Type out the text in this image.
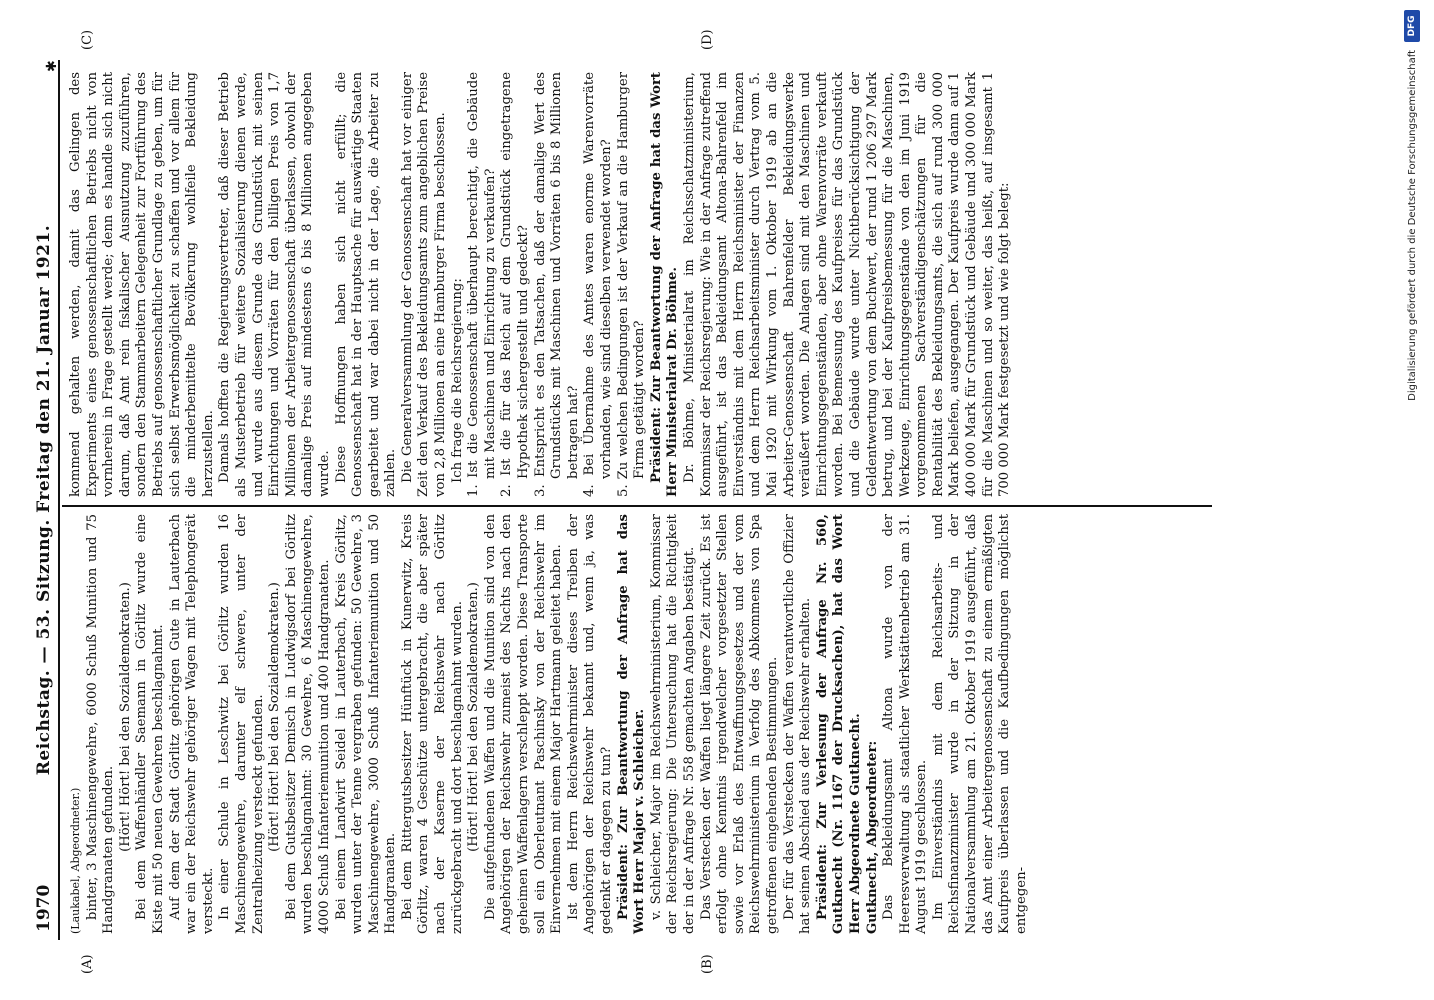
1970
Reichstag. — 53. Sitzung. Freitag den 21. Januar 1921.
(A)	(B)
(C)	(D)
✱

(Laukabel, Abgeordneter.) binter, 3 Maschinengewehre, 6000 Schuß Munition und 75 Handgranaten gefunden. (Hört! Hört! bei den Sozialdemokraten.) Bei dem Waffenhändler Saemann in Görlitz wurde eine Kiste mit 50 neuen Gewehren beschlagnahmt. Auf dem der Stadt Görlitz gehörigen Gute in Lauterbach war ein der Reichswehr gehöriger Wagen mit Telephongerät versteckt. In einer Schule in Leschwitz bei Görlitz wurden 16 Maschinengewehre, darunter elf schwere, unter der Zentralheizung versteckt gefunden. (Hört! Hört! bei den Sozialdemokraten.) Bei dem Gutsbesitzer Demisch in Ludwigsdorf bei Görlitz wurden beschlagnahmt: 30 Gewehre, 6 Maschinengewehre, 4000 Schuß Infanteriemunition und 400 Handgranaten. Bei einem Landwirt Seidel in Lauterbach, Kreis Görlitz, wurden unter der Tenne vergraben gefunden: 50 Gewehre, 3 Maschinengewehre, 3000 Schuß Infanteriemunition und 50 Handgranaten. Bei dem Rittergutsbesitzer Hünftück in Kunerwitz, Kreis Görlitz, waren 4 Geschütze untergebracht, die aber später nach der Kaserne der Reichswehr nach Görlitz zurückgebracht und dort beschlagnahmt wurden. (Hört! Hört! bei den Sozialdemokraten.) Die aufgefundenen Waffen und die Munition sind von den Angehörigen der Reichswehr zumeist des Nachts nach den geheimen Waffenlagern verschleppt worden. Diese Transporte soll ein Oberleutnant Paschinsky von der Reichswehr im Einvernehmen mit einem Major Hartmann geleitet haben. Ist dem Herrn Reichswehrminister dieses Treiben der Angehörigen der Reichswehr bekannt und, wenn ja, was gedenkt er dagegen zu tun? Präsident: Zur Beantwortung der Anfrage hat das Wort Herr Major v. Schleicher. v. Schleicher, Major im Reichswehrministerium, Kommissar der Reichsregierung: Die Untersuchung hat die Richtigkeit der in der Anfrage Nr. 558 gemachten Angaben bestätigt. Das Verstecken der Waffen liegt längere Zeit zurück. Es ist erfolgt ohne Kenntnis irgendwelcher vorgesetzter Stellen sowie vor Erlaß des Entwaffnungsgesetzes und der vom Reichswehrministerium in Verfolg des Abkommens von Spa getroffenen eingehenden Bestimmungen. Der für das Verstecken der Waffen verantwortliche Offizier hat seinen Abschied aus der Reichswehr erhalten. Präsident: Zur Verlesung der Anfrage Nr. 560, Gutknecht (Nr. 1167 der Drucksachen), hat das Wort Herr Abgeordnete Gutknecht. Gutknecht, Abgeordneter: Das Bekleidungsamt Altona wurde von der Heeresverwaltung als staatlicher Werkstättenbetrieb am 31. August 1919 geschlossen. Im Einverständnis mit dem Reichsarbeits- und Reichsfinanzminister wurde in der Sitzung in der Nationalversammlung am 21. Oktober 1919 ausgeführt, daß das Amt einer Arbeitergenossenschaft zu einem ermäßigten Kaufpreis überlassen und die Kaufbedingungen möglichst entgegen-

kommend gehalten werden, damit das Gelingen des Experiments eines genossenschaftlichen Betriebs nicht von vornherein in Frage gestellt werde; denn es handle sich nicht darum, daß Amt rein fiskalischer Ausnutzung zuzuführen, sondern den Stammarbeitern Gelegenheit zur Fortführung des Betriebs auf genossenschaftlicher Grundlage zu geben, um für sich selbst Erwerbsmöglichkeit zu schaffen und vor allem für die minderbemittelte Bevölkerung wohlfeile Bekleidung herzustellen. Damals hofften die Regierungsvertreter, daß dieser Betrieb als Musterbetrieb für weitere Sozialisierung dienen werde, und wurde aus diesem Grunde das Grundstück mit seinen Einrichtungen und Vorräten für den billigen Preis von 1,7 Millionen der Arbeitergenossenschaft überlassen, obwohl der damalige Preis auf mindestens 6 bis 8 Millionen angegeben wurde. Diese Hoffnungen haben sich nicht erfüllt; die Genossenschaft hat in der Hauptsache für auswärtige Staaten gearbeitet und war dabei nicht in der Lage, die Arbeiter zu zahlen. Die Generalversammlung der Genossenschaft hat vor einiger Zeit den Verkauf des Bekleidungsamts zum angeblichen Preise von 2,8 Millionen an eine Hamburger Firma beschlossen. Ich frage die Reichsregierung: 1. Ist die Genossenschaft überhaupt berechtigt, die Gebäude mit Maschinen und Einrichtung zu verkaufen? 2. Ist die für das Reich auf dem Grundstück eingetragene Hypothek sichergestellt und gedeckt? 3. Entspricht es den Tatsachen, daß der damalige Wert des Grundstücks mit Maschinen und Vorräten 6 bis 8 Millionen betragen hat? 4. Bei Übernahme des Amtes waren enorme Warenvorräte vorhanden, wie sind dieselben verwendet worden? 5. Zu welchen Bedingungen ist der Verkauf an die Hamburger Firma getätigt worden? Präsident: Zur Beantwortung der Anfrage hat das Wort Herr Ministerialrat Dr. Böhme. Dr. Böhme, Ministerialrat im Reichsschatzministerium, Kommissar der Reichsregierung: Wie in der Anfrage zutreffend ausgeführt, ist das Bekleidungsamt Altona-Bahrenfeld im Einverständnis mit dem Herrn Reichsminister der Finanzen und dem Herrn Reichsarbeitsminister durch Vertrag vom 5. Mai 1920 mit Wirkung vom 1. Oktober 1919 ab an die Arbeiter-Genossenschaft Bahrenfelder Bekleidungswerke veräußert worden. Die Anlagen sind mit den Maschinen und Einrichtungsgegenständen, aber ohne Warenvorräte verkauft worden. Bei Bemessung des Kaufpreises für das Grundstück und die Gebäude wurde unter Nichtberücksichtigung der Geldentwertung von dem Buchwert, der rund 1 206 297 Mark betrug, und bei der Kaufpreisbemessung für die Maschinen, Werkzeuge, Einrichtungsgegenstände von den im Juni 1919 vorgenommenen Sachverständigenschätzungen für die Rentabilität des Bekleidungsamts, die sich auf rund 300 000 Mark beliefen, ausgegangen. Der Kaufpreis wurde dann auf 1 400 000 Mark für Grundstück und Gebäude und 300 000 Mark für die Maschinen und so weiter, das heißt, auf insgesamt 1 700 000 Mark festgesetzt und wie folgt belegt:	Digitalisierung gefördert durch die Deutsche Forschungsgemeinschaft
DFG
